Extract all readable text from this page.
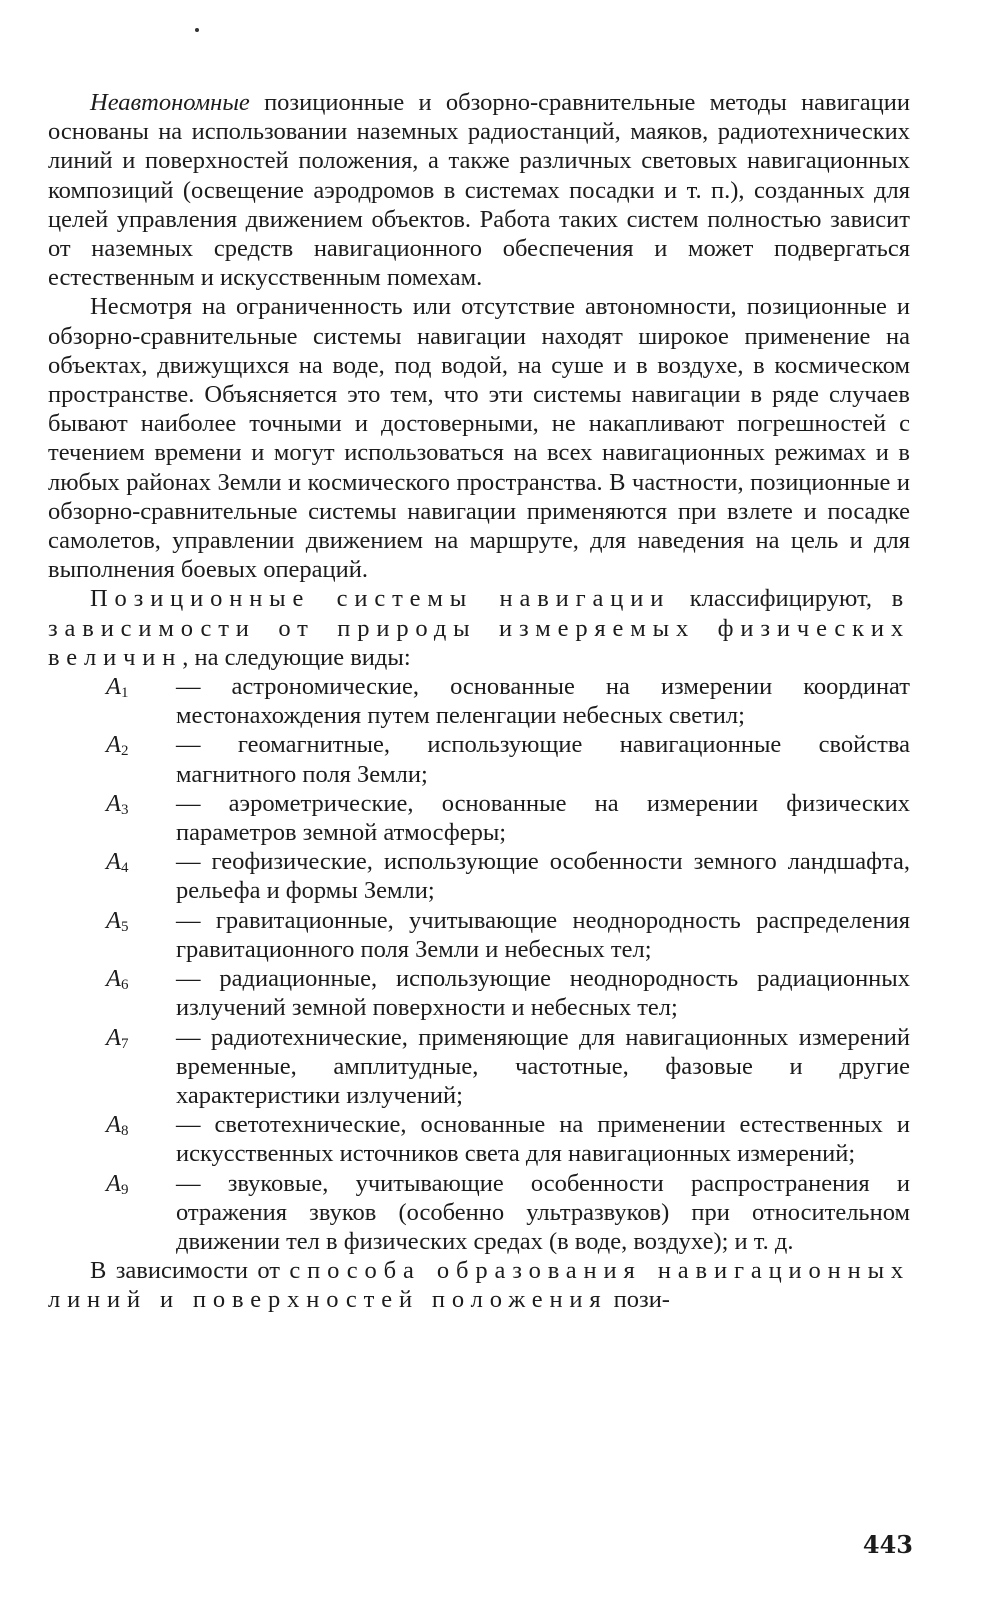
Неавтономные позиционные и обзорно-сравнительные методы навигации основаны на использовании наземных радиостанций, маяков, радиотехнических линий и поверхностей положения, а также различных световых навигационных композиций (освещение аэродромов в системах посадки и т. п.), созданных для целей управления движением объектов. Работа таких систем полностью зависит от наземных средств навигационного обеспечения и может подвергаться естественным и искусственным помехам.

Несмотря на ограниченность или отсутствие автономности, позиционные и обзорно-сравнительные системы навигации находят широкое применение на объектах, движущихся на воде, под водой, на суше и в воздухе, в космическом пространстве. Объясняется это тем, что эти системы навигации в ряде случаев бывают наиболее точными и достоверными, не накапливают погрешностей с течением времени и могут использоваться на всех навигационных режимах и в любых районах Земли и космического пространства. В частности, позиционные и обзорно-сравнительные системы навигации применяются при взлете и посадке самолетов, управлении движением на маршруте, для наведения на цель и для выполнения боевых операций.

Позиционные системы навигации классифицируют, в зависимости от природы измеряемых физических величин, на следующие виды:

$A_1$	— астрономические, основанные на измерении координат местонахождения путем пеленгации небесных светил;
$A_2$	— геомагнитные, использующие навигационные свойства магнитного поля Земли;
$A_3$	— аэрометрические, основанные на измерении физических параметров земной атмосферы;
$A_4$	— геофизические, использующие особенности земного ландшафта, рельефа и формы Земли;
$A_5$	— гравитационные, учитывающие неоднородность распределения гравитационного поля Земли и небесных тел;
$A_6$	— радиационные, использующие неоднородность радиационных излучений земной поверхности и небесных тел;
$A_7$	— радиотехнические, применяющие для навигационных измерений временные, амплитудные, частотные, фазовые и другие характеристики излучений;
$A_8$	— светотехнические, основанные на применении естественных и искусственных источников света для навигационных измерений;
$A_9$	— звуковые, учитывающие особенности распространения и отражения звуков (особенно ультразвуков) при относительном движении тел в физических средах (в воде, воздухе); и т. д.

В зависимости от способа образования навигационных линий и поверхностей положения пози-

443
